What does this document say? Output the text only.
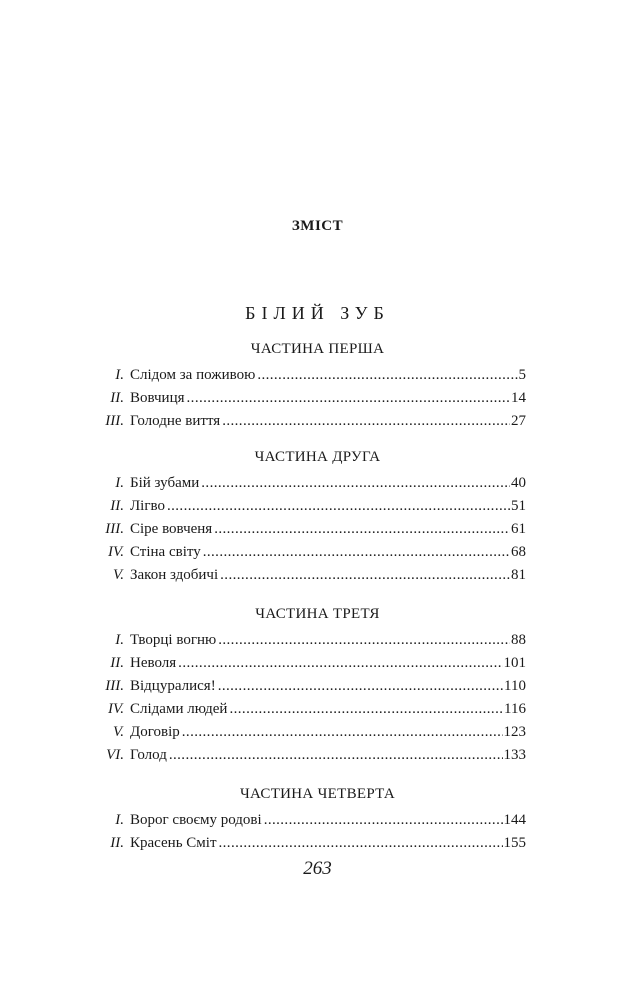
ЗМІСТ
БІЛИЙ ЗУБ
ЧАСТИНА ПЕРША
I. Слідом за поживою .....	5
II. Вовчиця .....	14
III. Голодне виття .....	27
ЧАСТИНА ДРУГА
I. Бій зубами .....	40
II. Лігво .....	51
III. Сіре вовченя .....	61
IV. Стіна світу .....	68
V. Закон здобичі .....	81
ЧАСТИНА ТРЕТЯ
I. Творці вогню .....	88
II. Неволя .....	101
III. Відцуралися! .....	110
IV. Слідами людей .....	116
V. Договір .....	123
VI. Голод .....	133
ЧАСТИНА ЧЕТВЕРТА
I. Ворог своєму родові .....	144
II. Красень Сміт .....	155
263
